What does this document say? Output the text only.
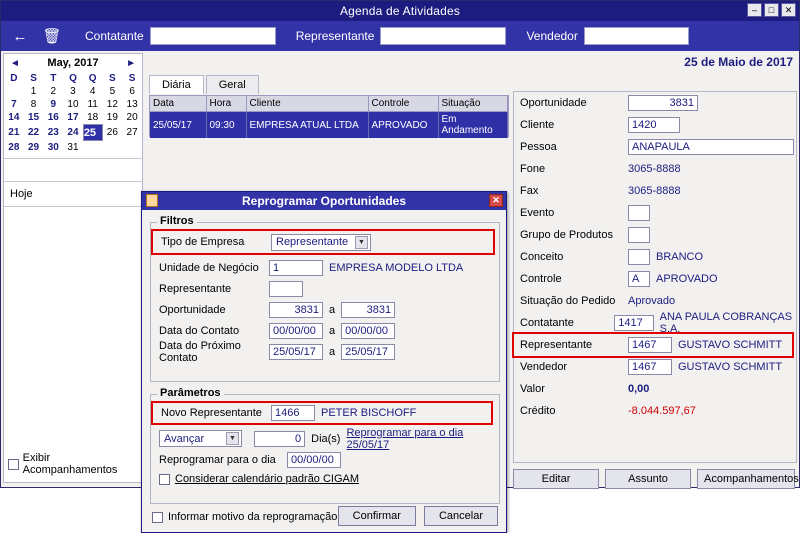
Agenda de Atividades	–	□	✕
← 🗑 Contatante	Representante	Vendedor
◄	May, 2017	►
D	S	T	Q	Q	S	S
	1	2	3	4	5	6
7	8	9	10	11	12	13
14	15	16	17	18	19	20
21	22	23	24	25	26	27
28	29	30	31			
Hoje
Exibir Acompanhamentos
25 de Maio de 2017
Diária	Geral
Data	Hora	Cliente	Controle	Situação
25/05/17	09:30	EMPRESA ATUAL LTDA	APROVADO	Em Andamento
Oportunidade	3831
Cliente	1420
Pessoa	ANAPAULA
Fone	3065-8888
Fax	3065-8888
Evento
Grupo de Produtos
Conceito	BRANCO
Controle	A	APROVADO
Situação do Pedido	Aprovado
Contatante	1417	ANA PAULA COBRANÇAS S.A.
Representante	1467	GUSTAVO SCHMITT
Vendedor	1467	GUSTAVO SCHMITT
Valor	0,00
Crédito	-8.044.597,67
Editar	Assunto	Acompanhamentos
Reprogramar Oportunidades	✕
Filtros
Tipo de Empresa	Representante	▼
Unidade de Negócio	1	EMPRESA MODELO LTDA
Representante
Oportunidade	3831 a	3831
Data do Contato	00/00/00	a 00/00/00
Data do Próximo Contato	25/05/17	a 25/05/17
Parâmetros
Novo Representante	1466	PETER BISCHOFF
Avançar	▼	0 Dia(s) Reprogramar para o dia 25/05/17
Reprogramar para o dia	00/00/00
Considerar calendário padrão CIGAM
Informar motivo da reprogramação	Confirmar	Cancelar
